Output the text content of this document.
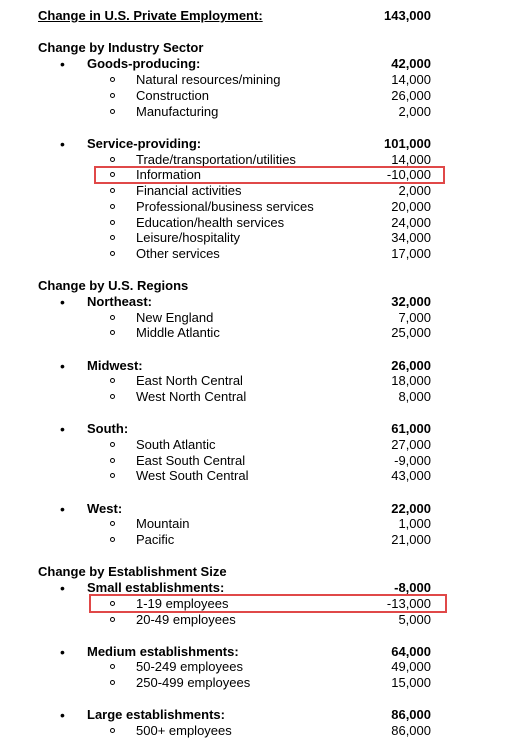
Change in U.S. Private Employment:	143,000
Change by Industry Sector
• Goods-producing:	42,000
Natural resources/mining	14,000
Construction	26,000
Manufacturing	2,000
• Service-providing:	101,000
Trade/transportation/utilities	14,000
Information	-10,000
Financial activities	2,000
Professional/business services	20,000
Education/health services	24,000
Leisure/hospitality	34,000
Other services	17,000
Change by U.S. Regions
• Northeast:	32,000
New England	7,000
Middle Atlantic	25,000
• Midwest:	26,000
East North Central	18,000
West North Central	8,000
• South:	61,000
South Atlantic	27,000
East South Central	-9,000
West South Central	43,000
• West:	22,000
Mountain	1,000
Pacific	21,000
Change by Establishment Size
• Small establishments:	-8,000
1-19 employees	-13,000
20-49 employees	5,000
• Medium establishments:	64,000
50-249 employees	49,000
250-499 employees	15,000
• Large establishments:	86,000
500+ employees	86,000
